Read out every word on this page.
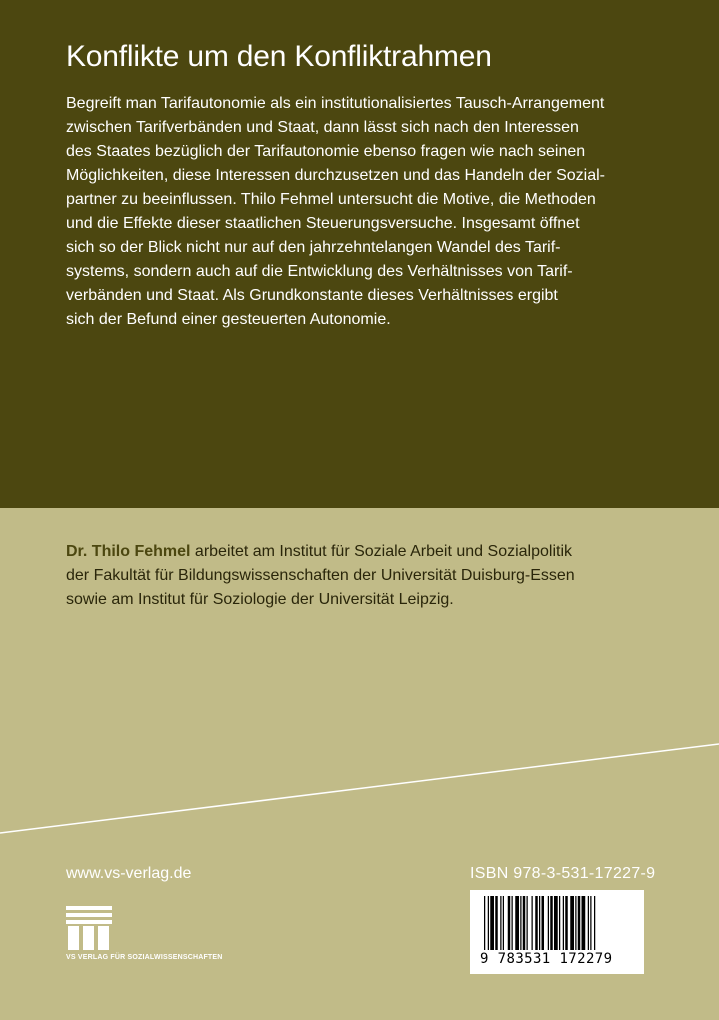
Konflikte um den Konfliktrahmen
Begreift man Tarifautonomie als ein institutionalisiertes Tausch-Arrangement
zwischen Tarifverbänden und Staat, dann lässt sich nach den Interessen
des Staates bezüglich der Tarifautonomie ebenso fragen wie nach seinen
Möglichkeiten, diese Interessen durchzusetzen und das Handeln der Sozial-
partner zu beeinflussen. Thilo Fehmel untersucht die Motive, die Methoden
und die Effekte dieser staatlichen Steuerungsversuche. Insgesamt öffnet
sich so der Blick nicht nur auf den jahrzehntelangen Wandel des Tarif-
systems, sondern auch auf die Entwicklung des Verhältnisses von Tarif-
verbänden und Staat. Als Grundkonstante dieses Verhältnisses ergibt
sich der Befund einer gesteuerten Autonomie.
Dr. Thilo Fehmel arbeitet am Institut für Soziale Arbeit und Sozialpolitik
der Fakultät für Bildungswissenschaften der Universität Duisburg-Essen
sowie am Institut für Soziologie der Universität Leipzig.
www.vs-verlag.de
VS VERLAG FÜR SOZIALWISSENSCHAFTEN
ISBN 978-3-531-17227-9
9 783531 172279
